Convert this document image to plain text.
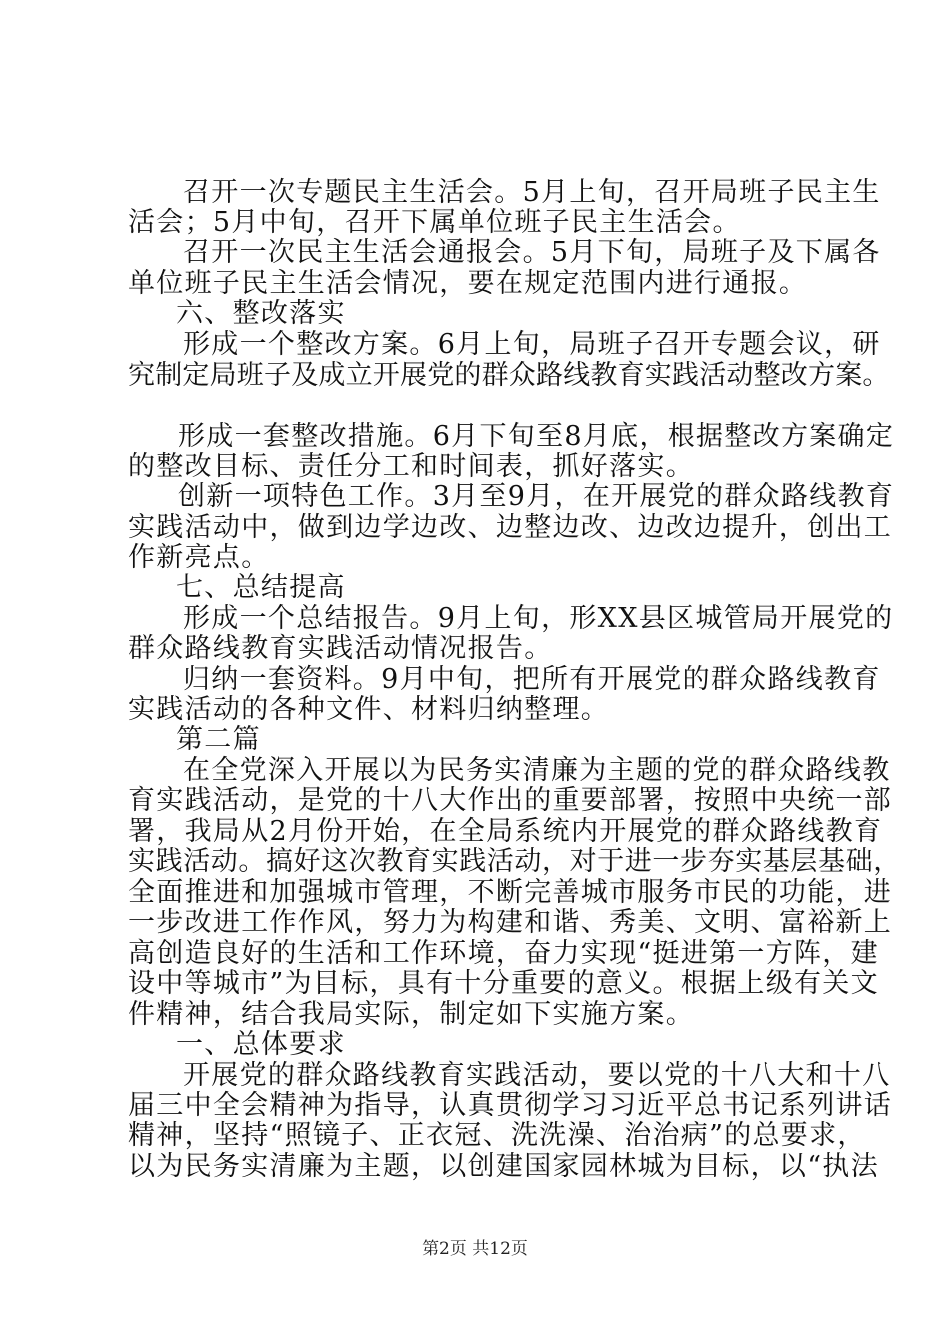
召开一次专题民主生活会。5月上旬，召开局班子民主生
活会；5月中旬，召开下属单位班子民主生活会。
召开一次民主生活会通报会。5月下旬，局班子及下属各
单位班子民主生活会情况，要在规定范围内进行通报。
六、整改落实
形成一个整改方案。6月上旬，局班子召开专题会议，研
究制定局班子及成立开展党的群众路线教育实践活动整改方案。
形成一套整改措施。6月下旬至8月底，根据整改方案确定
的整改目标、责任分工和时间表，抓好落实。
创新一项特色工作。3月至9月，在开展党的群众路线教育
实践活动中，做到边学边改、边整边改、边改边提升，创出工
作新亮点。
七、总结提高
形成一个总结报告。9月上旬，形XX县区城管局开展党的
群众路线教育实践活动情况报告。
归纳一套资料。9月中旬，把所有开展党的群众路线教育
实践活动的各种文件、材料归纳整理。
第二篇
在全党深入开展以为民务实清廉为主题的党的群众路线教
育实践活动，是党的十八大作出的重要部署，按照中央统一部
署，我局从2月份开始，在全局系统内开展党的群众路线教育
实践活动。搞好这次教育实践活动，对于进一步夯实基层基础，
全面推进和加强城市管理，不断完善城市服务市民的功能，进
一步改进工作作风，努力为构建和谐、秀美、文明、富裕新上
高创造良好的生活和工作环境，奋力实现“挺进第一方阵，建
设中等城市”为目标，具有十分重要的意义。根据上级有关文
件精神，结合我局实际，制定如下实施方案。
一、总体要求
开展党的群众路线教育实践活动，要以党的十八大和十八
届三中全会精神为指导，认真贯彻学习习近平总书记系列讲话
精神，坚持“照镜子、正衣冠、洗洗澡、治治病”的总要求，
以为民务实清廉为主题，以创建国家园林城为目标，以“执法
第2页 共12页
